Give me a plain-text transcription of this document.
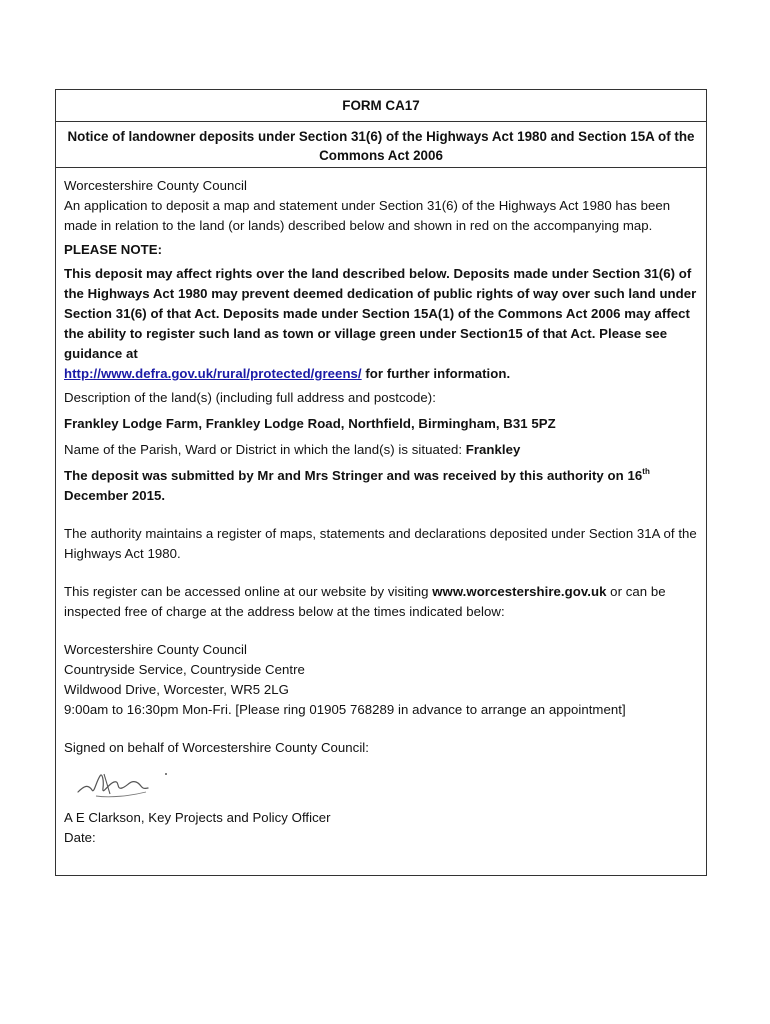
FORM CA17
Notice of landowner deposits under Section 31(6) of the Highways Act 1980 and Section 15A of the Commons Act 2006

Worcestershire County Council

An application to deposit a map and statement under Section 31(6) of the Highways Act 1980 has been made in relation to the land (or lands) described below and shown in red on the accompanying map.

PLEASE NOTE:

This deposit may affect rights over the land described below. Deposits made under Section 31(6) of the Highways Act 1980 may prevent deemed dedication of public rights of way over such land under Section 31(6) of that Act. Deposits made under Section 15A(1) of the Commons Act 2006 may affect the ability to register such land as town or village green under Section15 of that Act. Please see guidance at
http://www.defra.gov.uk/rural/protected/greens/ for further information.

Description of the land(s) (including full address and postcode):

Frankley Lodge Farm, Frankley Lodge Road, Northfield, Birmingham, B31 5PZ

Name of the Parish, Ward or District in which the land(s) is situated: Frankley

The deposit was submitted by Mr and Mrs Stringer and was received by this authority on 16th December 2015.

The authority maintains a register of maps, statements and declarations deposited under Section 31A of the Highways Act 1980.

This register can be accessed online at our website by visiting www.worcestershire.gov.uk or can be inspected free of charge at the address below at the times indicated below:

Worcestershire County Council

Countryside Service, Countryside Centre

Wildwood Drive, Worcester, WR5 2LG

9:00am to 16:30pm Mon-Fri. [Please ring 01905 768289 in advance to arrange an appointment]

Signed on behalf of Worcestershire County Council:

A E Clarkson, Key Projects and Policy Officer

Date:
